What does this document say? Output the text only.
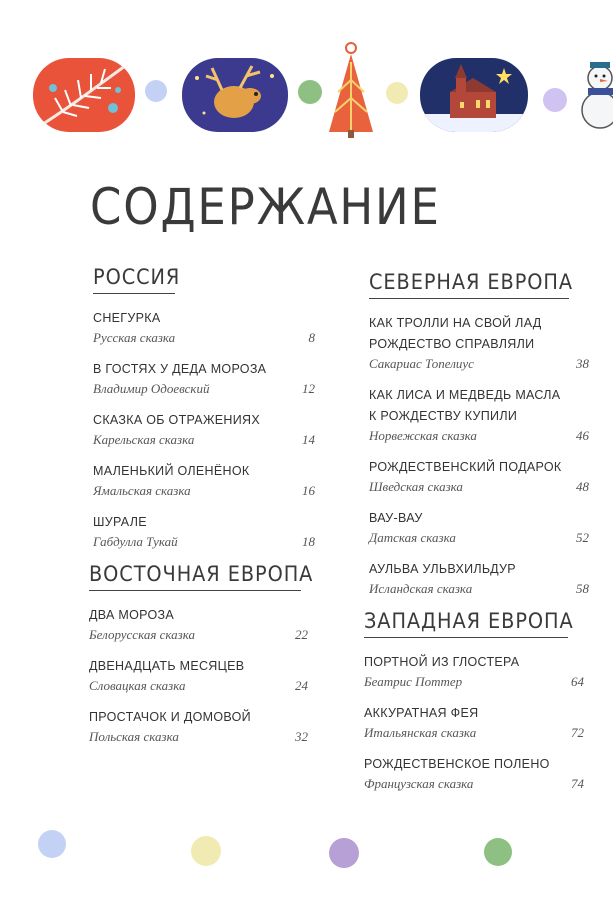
СОДЕРЖАНИЕ
РОССИЯ
СНЕГУРКА
Русская сказка	8
В ГОСТЯХ У ДЕДА МОРОЗА
Владимир Одоевский	12
СКАЗКА ОБ ОТРАЖЕНИЯХ
Карельская сказка	14
МАЛЕНЬКИЙ ОЛЕНЁНОК
Ямальская сказка	16
ШУРАЛЕ
Габдулла Тукай	18
ВОСТОЧНАЯ ЕВРОПА
ДВА МОРОЗА
Белорусская сказка	22
ДВЕНАДЦАТЬ МЕСЯЦЕВ
Словацкая сказка	24
ПРОСТАЧОК И ДОМОВОЙ
Польская сказка	32
СЕВЕРНАЯ ЕВРОПА
КАК ТРОЛЛИ НА СВОЙ ЛАД
РОЖДЕСТВО СПРАВЛЯЛИ
Сакариас Топелиус	38
КАК ЛИСА И МЕДВЕДЬ МАСЛА
К РОЖДЕСТВУ КУПИЛИ
Норвежская сказка	46
РОЖДЕСТВЕНСКИЙ ПОДАРОК
Шведская сказка	48
ВАУ-ВАУ
Датская сказка	52
АУЛЬВА УЛЬВХИЛЬДУР
Исландская сказка	58
ЗАПАДНАЯ ЕВРОПА
ПОРТНОЙ ИЗ ГЛОСТЕРА
Беатрис Поттер	64
АККУРАТНАЯ ФЕЯ
Итальянская сказка	72
РОЖДЕСТВЕНСКОЕ ПОЛЕНО
Французская сказка	74
